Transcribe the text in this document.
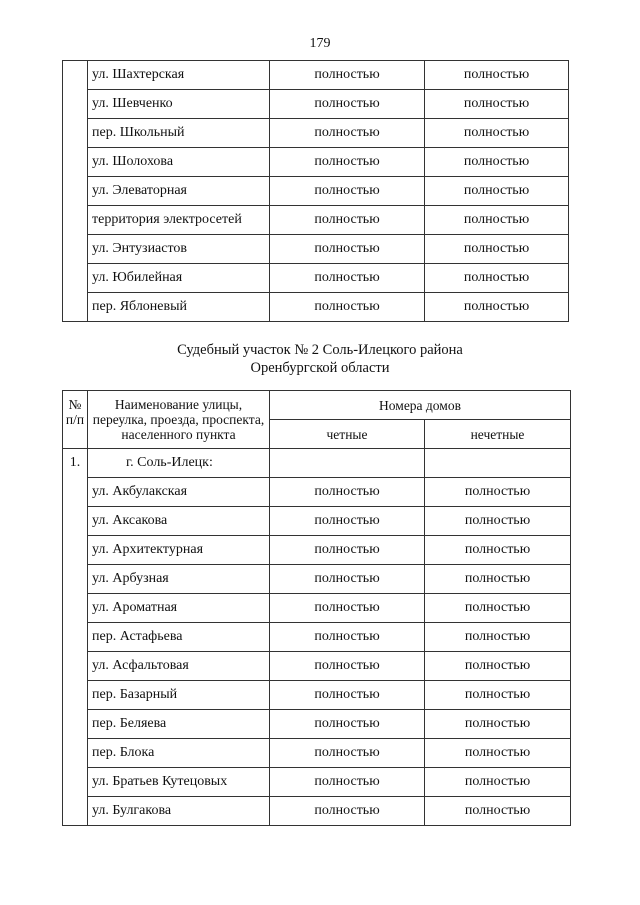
179
	ул. Шахтерская	полностью	полностью
	ул. Шевченко	полностью	полностью
	пер. Школьный	полностью	полностью
	ул. Шолохова	полностью	полностью
	ул. Элеваторная	полностью	полностью
	территория электросетей	полностью	полностью
	ул. Энтузиастов	полностью	полностью
	ул. Юбилейная	полностью	полностью
	пер. Яблоневый	полностью	полностью
Судебный участок № 2 Соль-Илецкого района
Оренбургской области
№
п/п	Наименование улицы, переулка, проезда, проспекта, населенного пункта	Номера домов	
		четные	нечетные
1.	г. Соль-Илецк:		
	ул. Акбулакская	полностью	полностью
	ул. Аксакова	полностью	полностью
	ул. Архитектурная	полностью	полностью
	ул. Арбузная	полностью	полностью
	ул. Ароматная	полностью	полностью
	пер. Астафьева	полностью	полностью
	ул. Асфальтовая	полностью	полностью
	пер. Базарный	полностью	полностью
	пер. Беляева	полностью	полностью
	пер. Блока	полностью	полностью
	ул. Братьев Кутецовых	полностью	полностью
	ул. Булгакова	полностью	полностью
